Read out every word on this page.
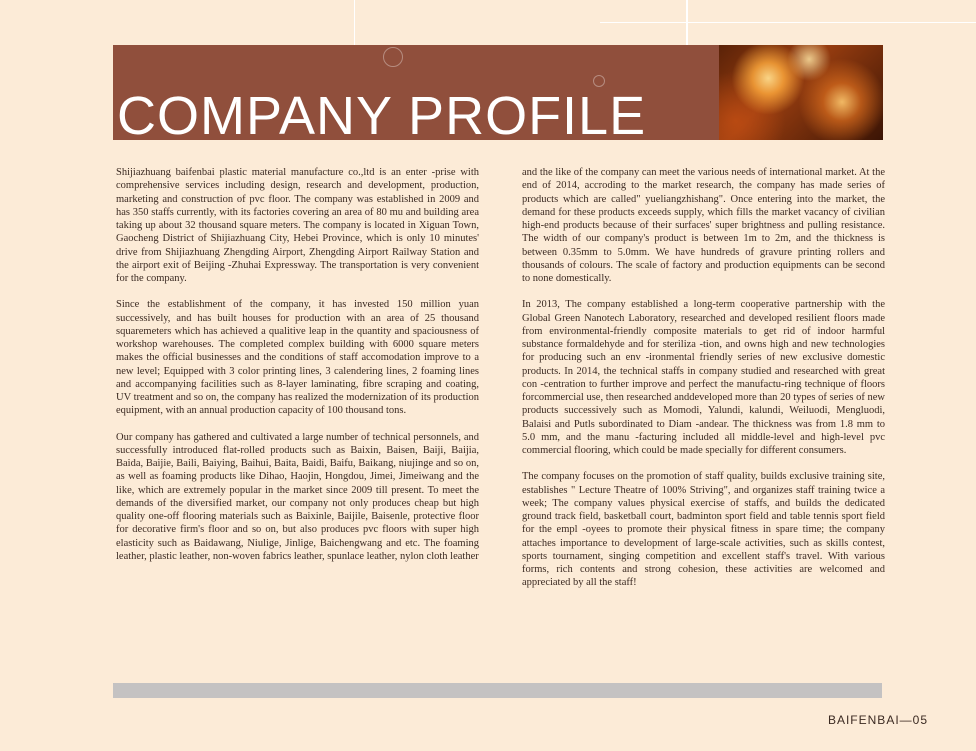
COMPANY PROFILE

Shijiazhuang baifenbai plastic material manufacture co.,ltd is an enter -prise with comprehensive services including design, research and development, production, marketing and construction of pvc floor. The company was established in 2009 and has 350 staffs currently, with its factories covering an area of 80 mu and building area taking up about 32 thousand square meters. The company is located in Xiguan Town, Gaocheng District of Shijiazhuang City, Hebei Province, which is only 10 minutes' drive from Shijiazhuang Zhengding Airport, Zhengding Airport Railway Station and the airport exit of Beijing -Zhuhai Expressway. The transportation is very convenient for the company.

Since the establishment of the company, it has invested 150 million yuan successively, and has built houses for production with an area of 25 thousand squaremeters which has achieved a qualitive leap in the quantity and spaciousness of workshop warehouses. The completed complex building with 6000 square meters makes the official businesses and the conditions of staff accomodation improve to a new level; Equipped with 3 color printing lines, 3 calendering lines, 2 foaming lines and accompanying facilities such as 8-layer laminating, fibre scraping and coating, UV treatment and so on, the company has realized the modernization of its production equipment, with an annual production capacity of 100 thousand tons.

Our company has gathered and cultivated a large number of technical personnels, and successfully introduced flat-rolled products such as Baixin, Baisen, Baiji, Baijia, Baida, Baijie, Baili, Baiying, Baihui, Baita, Baidi, Baifu, Baikang, niujinge and so on, as well as foaming products like Dihao, Haojin, Hongdou, Jimei, Jimeiwang and the like, which are extremely popular in the market since 2009 till present. To meet the demands of the diversified market, our company not only produces cheap but high quality one-off flooring materials such as Baixinle, Baijile, Baisenle, protective floor for decorative firm's floor and so on, but also produces pvc floors with super high elasticity such as Baidawang, Niulige, Jinlige, Baichengwang and etc. The foaming leather, plastic leather, non-woven fabrics leather, spunlace leather, nylon cloth leather

and the like of the company can meet the various needs of international market. At the end of 2014, accroding to the market research, the company has made series of products which are called" yueliangzhishang". Once entering into the market, the demand for these products exceeds supply, which fills the market vacancy of civilian high-end products because of their surfaces' super brightness and pulling resistance. The width of our company's product is between 1m to 2m, and the thickness is between 0.35mm to 5.0mm. We have hundreds of gravure printing rollers and thousands of colours. The scale of factory and production equipments can be second to none domestically.

In 2013, The company established a long-term cooperative partnership with the Global Green Nanotech Laboratory, researched and developed resilient floors made from environmental-friendly composite materials to get rid of indoor harmful substance formaldehyde and for steriliza -tion, and owns high and new technologies for producing such an env -ironmental friendly series of new exclusive domestic products. In 2014, the technical staffs in company studied and researched with great con -centration to further improve and perfect the manufactu-ring technique of floors forcommercial use, then researched anddeveloped more than 20 types of series of new products successively such as Momodi, Yalundi, kalundi, Weiluodi, Mengluodi, Balaisi and Putls subordinated to Diam -andear. The thickness was from 1.8 mm to 5.0 mm, and the manu -facturing included all middle-level and high-level pvc commercial flooring, which could be made specially for different consumers.

The company focuses on the promotion of staff quality, builds exclusive training site, establishes " Lecture Theatre of 100% Striving", and organizes staff training twice a week; The company values physical exercise of staffs, and builds the dedicated ground track field, basketball court, badminton sport field and table tennis sport field for the empl -oyees to promote their physical fitness in spare time; the company attaches importance to development of large-scale activities, such as skills contest, sports tournament, singing competition and excellent staff's travel. With various forms, rich contents and strong cohesion, these activities are welcomed and appreciated by all the staff!

BAIFENBAI—05
